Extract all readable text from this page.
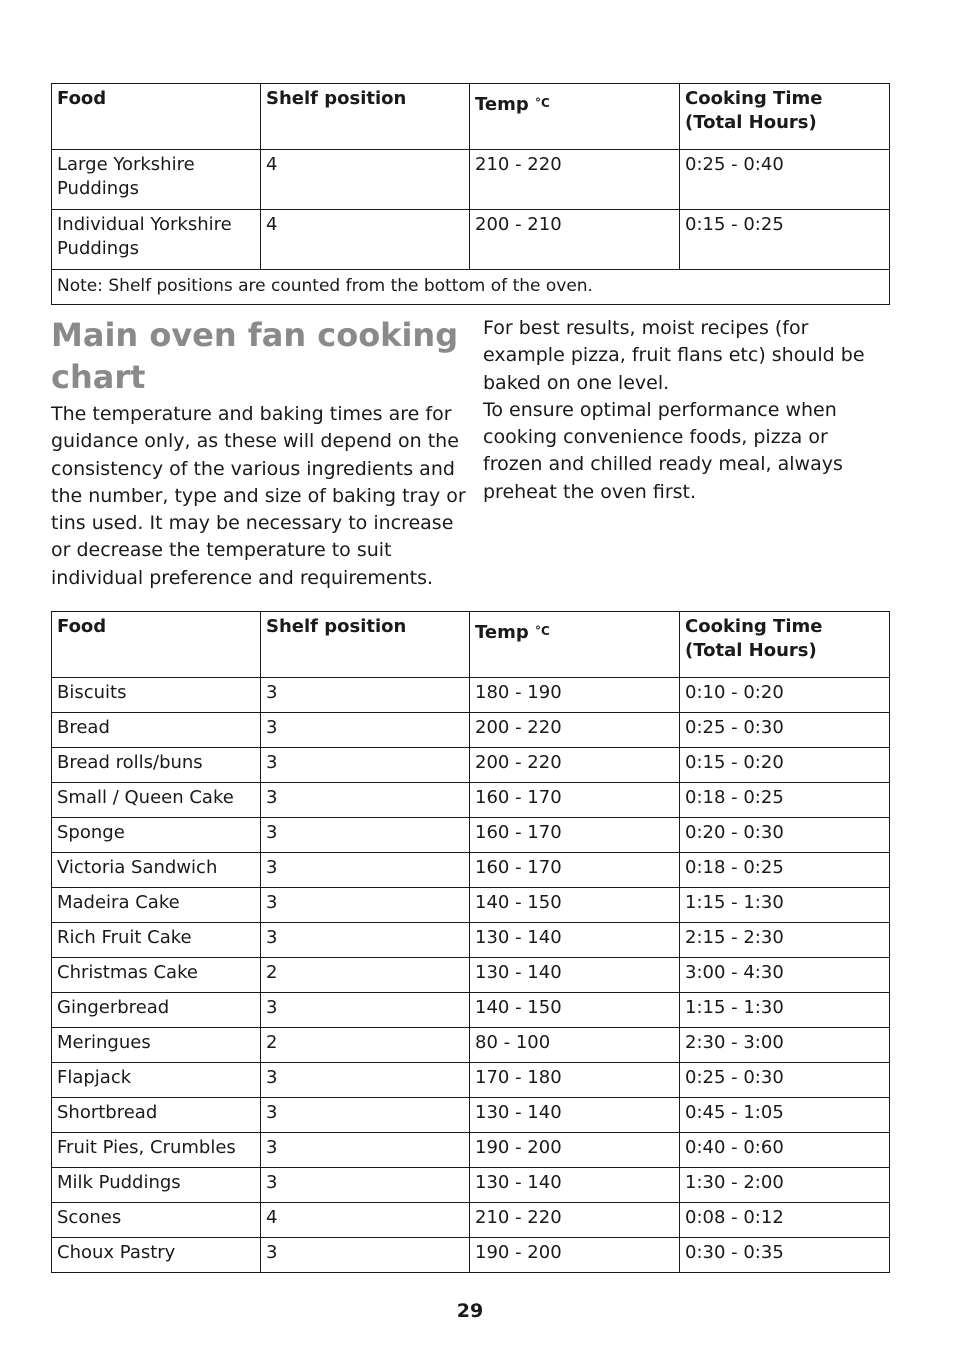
Food	Shelf position	Temp $^{^\circ C}$	Cooking Time
(Total Hours)
Large Yorkshire Puddings	4	210 - 220	0:25 - 0:40
Individual Yorkshire Puddings	4	200 - 210	0:15 - 0:25
Note: Shelf positions are counted from the bottom of the oven.			
Main oven fan cooking chart

The temperature and baking times are for guidance only, as these will depend on the consistency of the various ingredients and the number, type and size of baking tray or tins used. It may be necessary to increase or decrease the temperature to suit individual preference and requirements.

For best results, moist recipes (for example pizza, fruit flans etc) should be baked on one level.

To ensure optimal performance when cooking convenience foods, pizza or frozen and chilled ready meal, always preheat the oven first.

Food	Shelf position	Temp $^{^\circ C}$	Cooking Time
(Total Hours)
Biscuits	3	180 - 190	0:10 - 0:20
Bread	3	200 - 220	0:25 - 0:30
Bread rolls/buns	3	200 - 220	0:15 - 0:20
Small / Queen Cake	3	160 - 170	0:18 - 0:25
Sponge	3	160 - 170	0:20 - 0:30
Victoria Sandwich	3	160 - 170	0:18 - 0:25
Madeira Cake	3	140 - 150	1:15 - 1:30
Rich Fruit Cake	3	130 - 140	2:15 - 2:30
Christmas Cake	2	130 - 140	3:00 - 4:30
Gingerbread	3	140 - 150	1:15 - 1:30
Meringues	2	80 - 100	2:30 - 3:00
Flapjack	3	170 - 180	0:25 - 0:30
Shortbread	3	130 - 140	0:45 - 1:05
Fruit Pies, Crumbles	3	190 - 200	0:40 - 0:60
Milk Puddings	3	130 - 140	1:30 - 2:00
Scones	4	210 - 220	0:08 - 0:12
Choux Pastry	3	190 - 200	0:30 - 0:35
29
